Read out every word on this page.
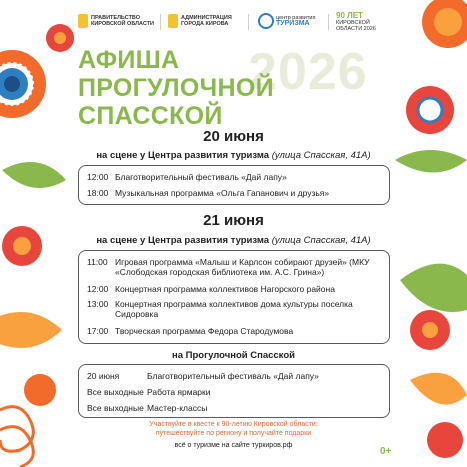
ПРАВИТЕЛЬСТВО
КИРОВСКОЙ ОБЛАСТИ
АДМИНИСТРАЦИЯ
ГОРОДА КИРОВА
центр развития
ТУРИЗМА
90 ЛЕТ
КИРОВСКОЙ
ОБЛАСТИ 2026
2026
АФИША
ПРОГУЛОЧНОЙ СПАССКОЙ
20 июня
на сцене у Центра развития туризма (улица Спасская, 41А)
12:00 Благотворительный фестиваль «Дай лапу»
18:00 Музыкальная программа «Ольга Гапанович и друзья»
21 июня
на сцене у Центра развития туризма (улица Спасская, 41А)
11:00 Игровая программа «Малыш и Карлсон собирают друзей» (МКУ «Слободская городская библиотека им. А.С. Грина»)
12:00 Концертная программа коллективов Нагорского района
13:00 Концертная программа коллективов дома культуры поселка Сидоровка
17:00 Творческая программа Федора Стародумова
на Прогулочной Спасской
20 июня	Благотворительный фестиваль «Дай лапу»
Все выходные Работа ярмарки
Все выходные Мастер-классы
Участвуйте в квесте к 90-летию Кировской области:
путешествуйте по региону и получайте подарки
всё о туризме на сайте туркиров.рф
0+
